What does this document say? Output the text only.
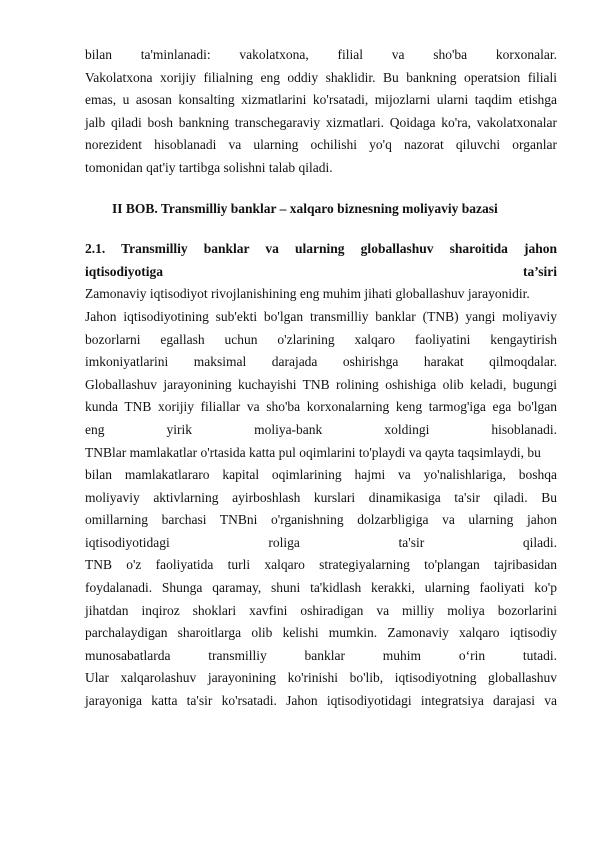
bilan ta'minlanadi: vakolatxona, filial va sho'ba korxonalar.
Vakolatxona xorijiy filialning eng oddiy shaklidir. Bu bankning operatsion filiali
emas, u asosan konsalting xizmatlarini ko'rsatadi, mijozlarni ularni taqdim etishga
jalb qiladi bosh bankning transchegaraviy xizmatlari. Qoidaga ko'ra, vakolatxonalar
norezident hisoblanadi va ularning ochilishi yo'q nazorat qiluvchi organlar
tomonidan qat'iy tartibga solishni talab qiladi.
II BOB. Transmilliy banklar – xalqaro biznesning moliyaviy bazasi
2.1. Transmilliy banklar va ularning globallashuv sharoitida jahon
iqtisodiyotiga	ta’siri
Zamonaviy iqtisodiyot rivojlanishining eng muhim jihati globallashuv jarayonidir.
Jahon iqtisodiyotining sub'ekti bo'lgan transmilliy banklar (TNB) yangi moliyaviy
bozorlarni egallash uchun o'zlarining xalqaro faoliyatini kengaytirish
imkoniyatlarini maksimal darajada oshirishga harakat qilmoqdalar.
Globallashuv jarayonining kuchayishi TNB rolining oshishiga olib keladi, bugungi
kunda TNB xorijiy filiallar va sho'ba korxonalarning keng tarmog'iga ega bo'lgan
eng yirik moliya-bank xoldingi hisoblanadi.
TNBlar mamlakatlar o'rtasida katta pul oqimlarini to'playdi va qayta taqsimlaydi, bu
bilan mamlakatlararo kapital oqimlarining hajmi va yo'nalishlariga, boshqa
moliyaviy aktivlarning ayirboshlash kurslari dinamikasiga ta'sir qiladi. Bu
omillarning barchasi TNBni o'rganishning dolzarbligiga va ularning jahon
iqtisodiyotidagi roliga ta'sir qiladi.
TNB o'z faoliyatida turli xalqaro strategiyalarning to'plangan tajribasidan
foydalanadi. Shunga qaramay, shuni ta'kidlash kerakki, ularning faoliyati ko'p
jihatdan inqiroz shoklari xavfini oshiradigan va milliy moliya bozorlarini
parchalaydigan sharoitlarga olib kelishi mumkin. Zamonaviy xalqaro iqtisodiy
munosabatlarda transmilliy banklar muhim o‘rin tutadi.
Ular xalqarolashuv jarayonining ko'rinishi bo'lib, iqtisodiyotning globallashuv
jarayoniga katta ta'sir ko'rsatadi. Jahon iqtisodiyotidagi integratsiya darajasi va
